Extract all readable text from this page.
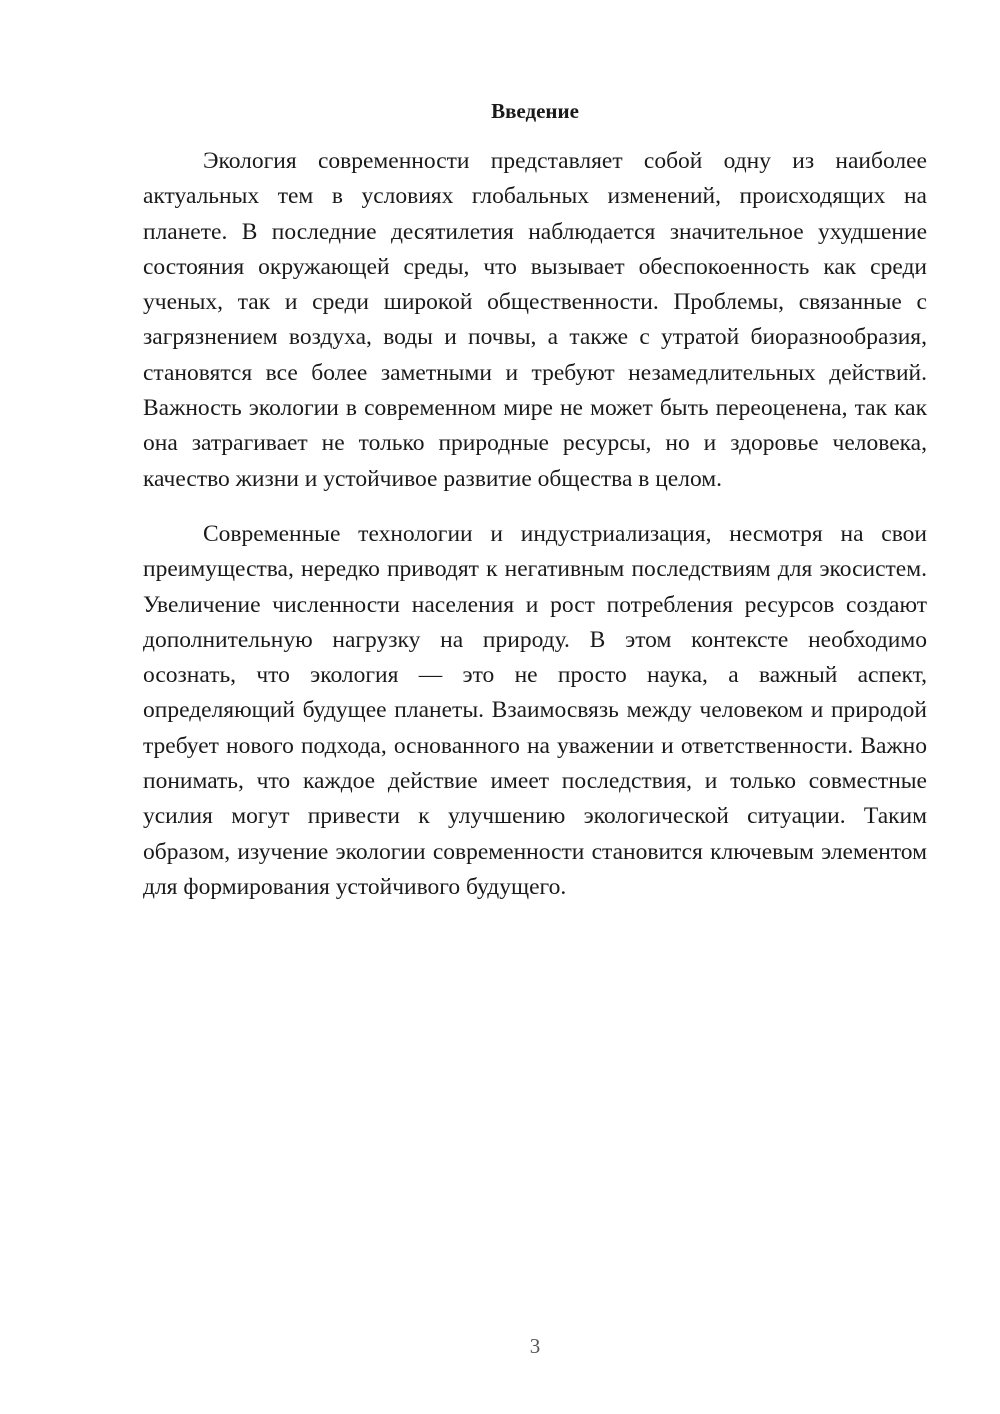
Введение

Экология современности представляет собой одну из наиболее актуальных тем в условиях глобальных изменений, происходящих на планете. В последние десятилетия наблюдается значительное ухудшение состояния окружающей среды, что вызывает обеспокоенность как среди ученых, так и среди широкой общественности. Проблемы, связанные с загрязнением воздуха, воды и почвы, а также с утратой биоразнообразия, становятся все более заметными и требуют незамедлительных действий. Важность экологии в современном мире не может быть переоценена, так как она затрагивает не только природные ресурсы, но и здоровье человека, качество жизни и устойчивое развитие общества в целом.

Современные технологии и индустриализация, несмотря на свои преимущества, нередко приводят к негативным последствиям для экосистем. Увеличение численности населения и рост потребления ресурсов создают дополнительную нагрузку на природу. В этом контексте необходимо осознать, что экология — это не просто наука, а важный аспект, определяющий будущее планеты. Взаимосвязь между человеком и природой требует нового подхода, основанного на уважении и ответственности. Важно понимать, что каждое действие имеет последствия, и только совместные усилия могут привести к улучшению экологической ситуации. Таким образом, изучение экологии современности становится ключевым элементом для формирования устойчивого будущего.

3
